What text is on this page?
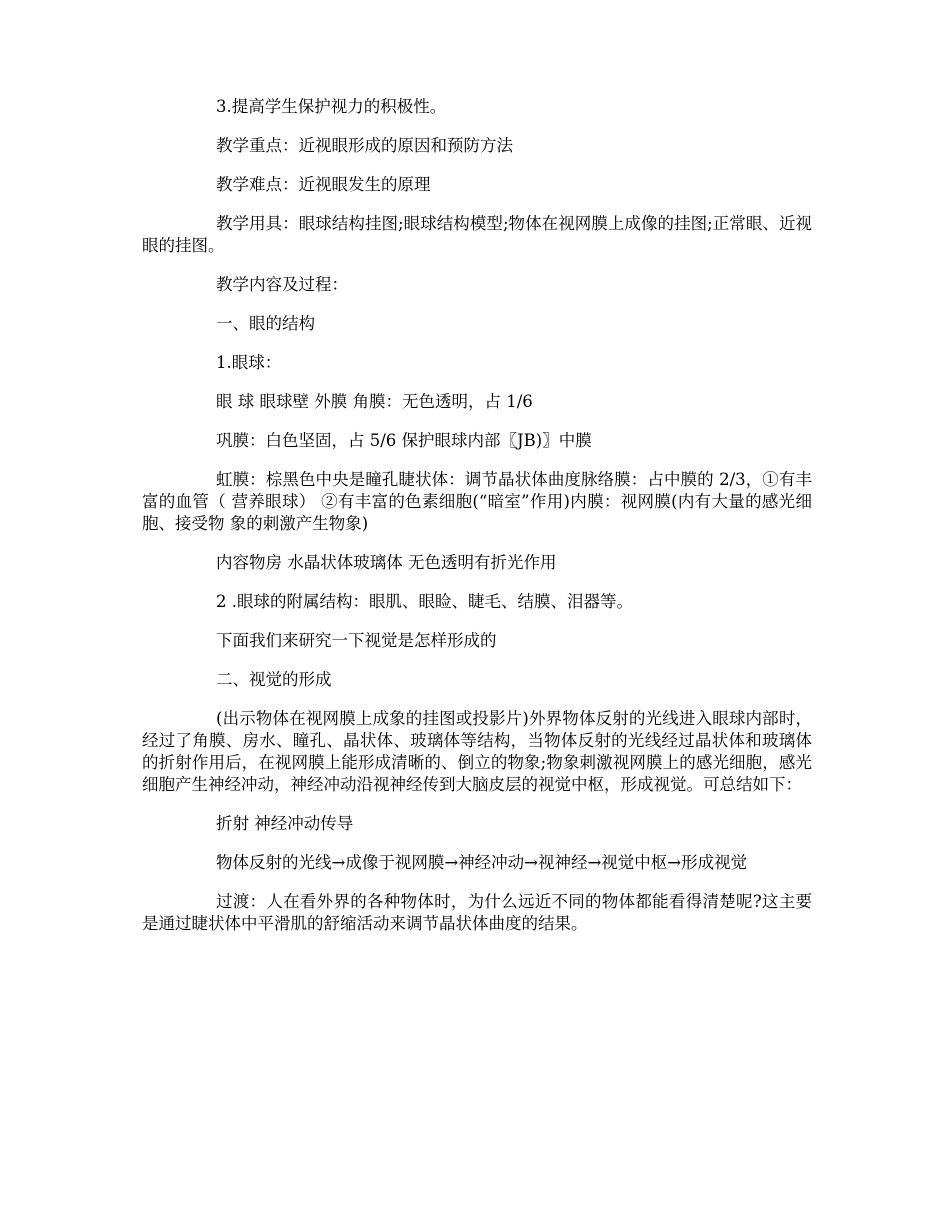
3.提高学生保护视力的积极性。

教学重点：近视眼形成的原因和预防方法

教学难点：近视眼发生的原理

教学用具：眼球结构挂图;眼球结构模型;物体在视网膜上成像的挂图;正常眼、近视眼的挂图。

教学内容及过程：

一、眼的结构

1.眼球：

眼 球 眼球壁 外膜 角膜：无色透明，占 1/6

巩膜：白色坚固，占 5/6 保护眼球内部〖JB)〗中膜

虹膜：棕黑色中央是瞳孔睫状体：调节晶状体曲度脉络膜：占中膜的 2/3，①有丰富的血管（ 营养眼球） ②有丰富的色素细胞(“暗室”作用)内膜：视网膜(内有大量的感光细胞、接受物 象的刺激产生物象)

内容物房 水晶状体玻璃体 无色透明有折光作用

2 .眼球的附属结构：眼肌、眼睑、睫毛、结膜、泪器等。

下面我们来研究一下视觉是怎样形成的

二、视觉的形成

(出示物体在视网膜上成象的挂图或投影片)外界物体反射的光线进入眼球内部时，经过了角膜、房水、瞳孔、晶状体、玻璃体等结构，当物体反射的光线经过晶状体和玻璃体的折射作用后，在视网膜上能形成清晰的、倒立的物象;物象刺激视网膜上的感光细胞，感光细胞产生神经冲动，神经冲动沿视神经传到大脑皮层的视觉中枢，形成视觉。可总结如下：

折射 神经冲动传导

物体反射的光线→成像于视网膜→神经冲动→视神经→视觉中枢→形成视觉

过渡：人在看外界的各种物体时，为什么远近不同的物体都能看得清楚呢?这主要是通过睫状体中平滑肌的舒缩活动来调节晶状体曲度的结果。
